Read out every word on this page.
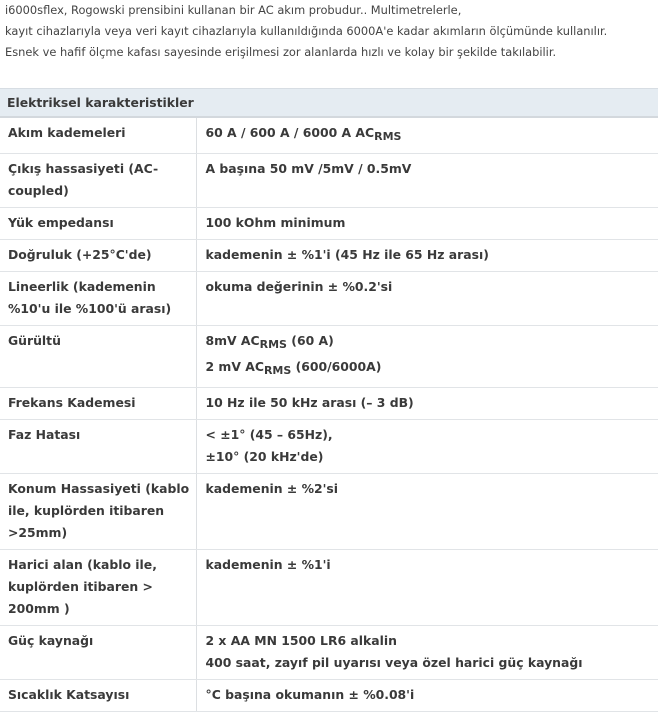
i6000sflex, Rogowski prensibini kullanan bir AC akım probudur.. Multimetrelerle,

kayıt cihazlarıyla veya veri kayıt cihazlarıyla kullanıldığında 6000A'e kadar akımların ölçümünde kullanılır.

Esnek ve hafif ölçme kafası sayesinde erişilmesi zor alanlarda hızlı ve kolay bir şekilde takılabilir.

Elektriksel karakteristikler	

Akım kademeleri	60 A / 600 A / 6000 A ACRMS

Çıkış hassasiyeti (AC-
coupled)	A başına 50 mV /5mV / 0.5mV

Yük empedansı	100 kOhm minimum

Doğruluk (+25°C'de)	kademenin ± %1'i (45 Hz ile 65 Hz arası)

Lineerlik (kademenin
%10'u ile %100'ü arası)	okuma değerinin ± %0.2'si

Gürültü	8mV ACRMS (60 A)
2 mV ACRMS (600/6000A)

Frekans Kademesi	10 Hz ile 50 kHz arası (– 3 dB)

Faz Hatası	< ±1° (45 – 65Hz),
±10° (20 kHz'de)

Konum Hassasiyeti (kablo
ile, kuplörden itibaren
>25mm)	kademenin ± %2'si

Harici alan (kablo ile,
kuplörden itibaren >
200mm )	kademenin ± %1'i

Güç kaynağı	2 x AA MN 1500 LR6 alkalin
400 saat, zayıf pil uyarısı veya özel harici güç kaynağı

Sıcaklık Katsayısı	°C başına okumanın ± %0.08'i
